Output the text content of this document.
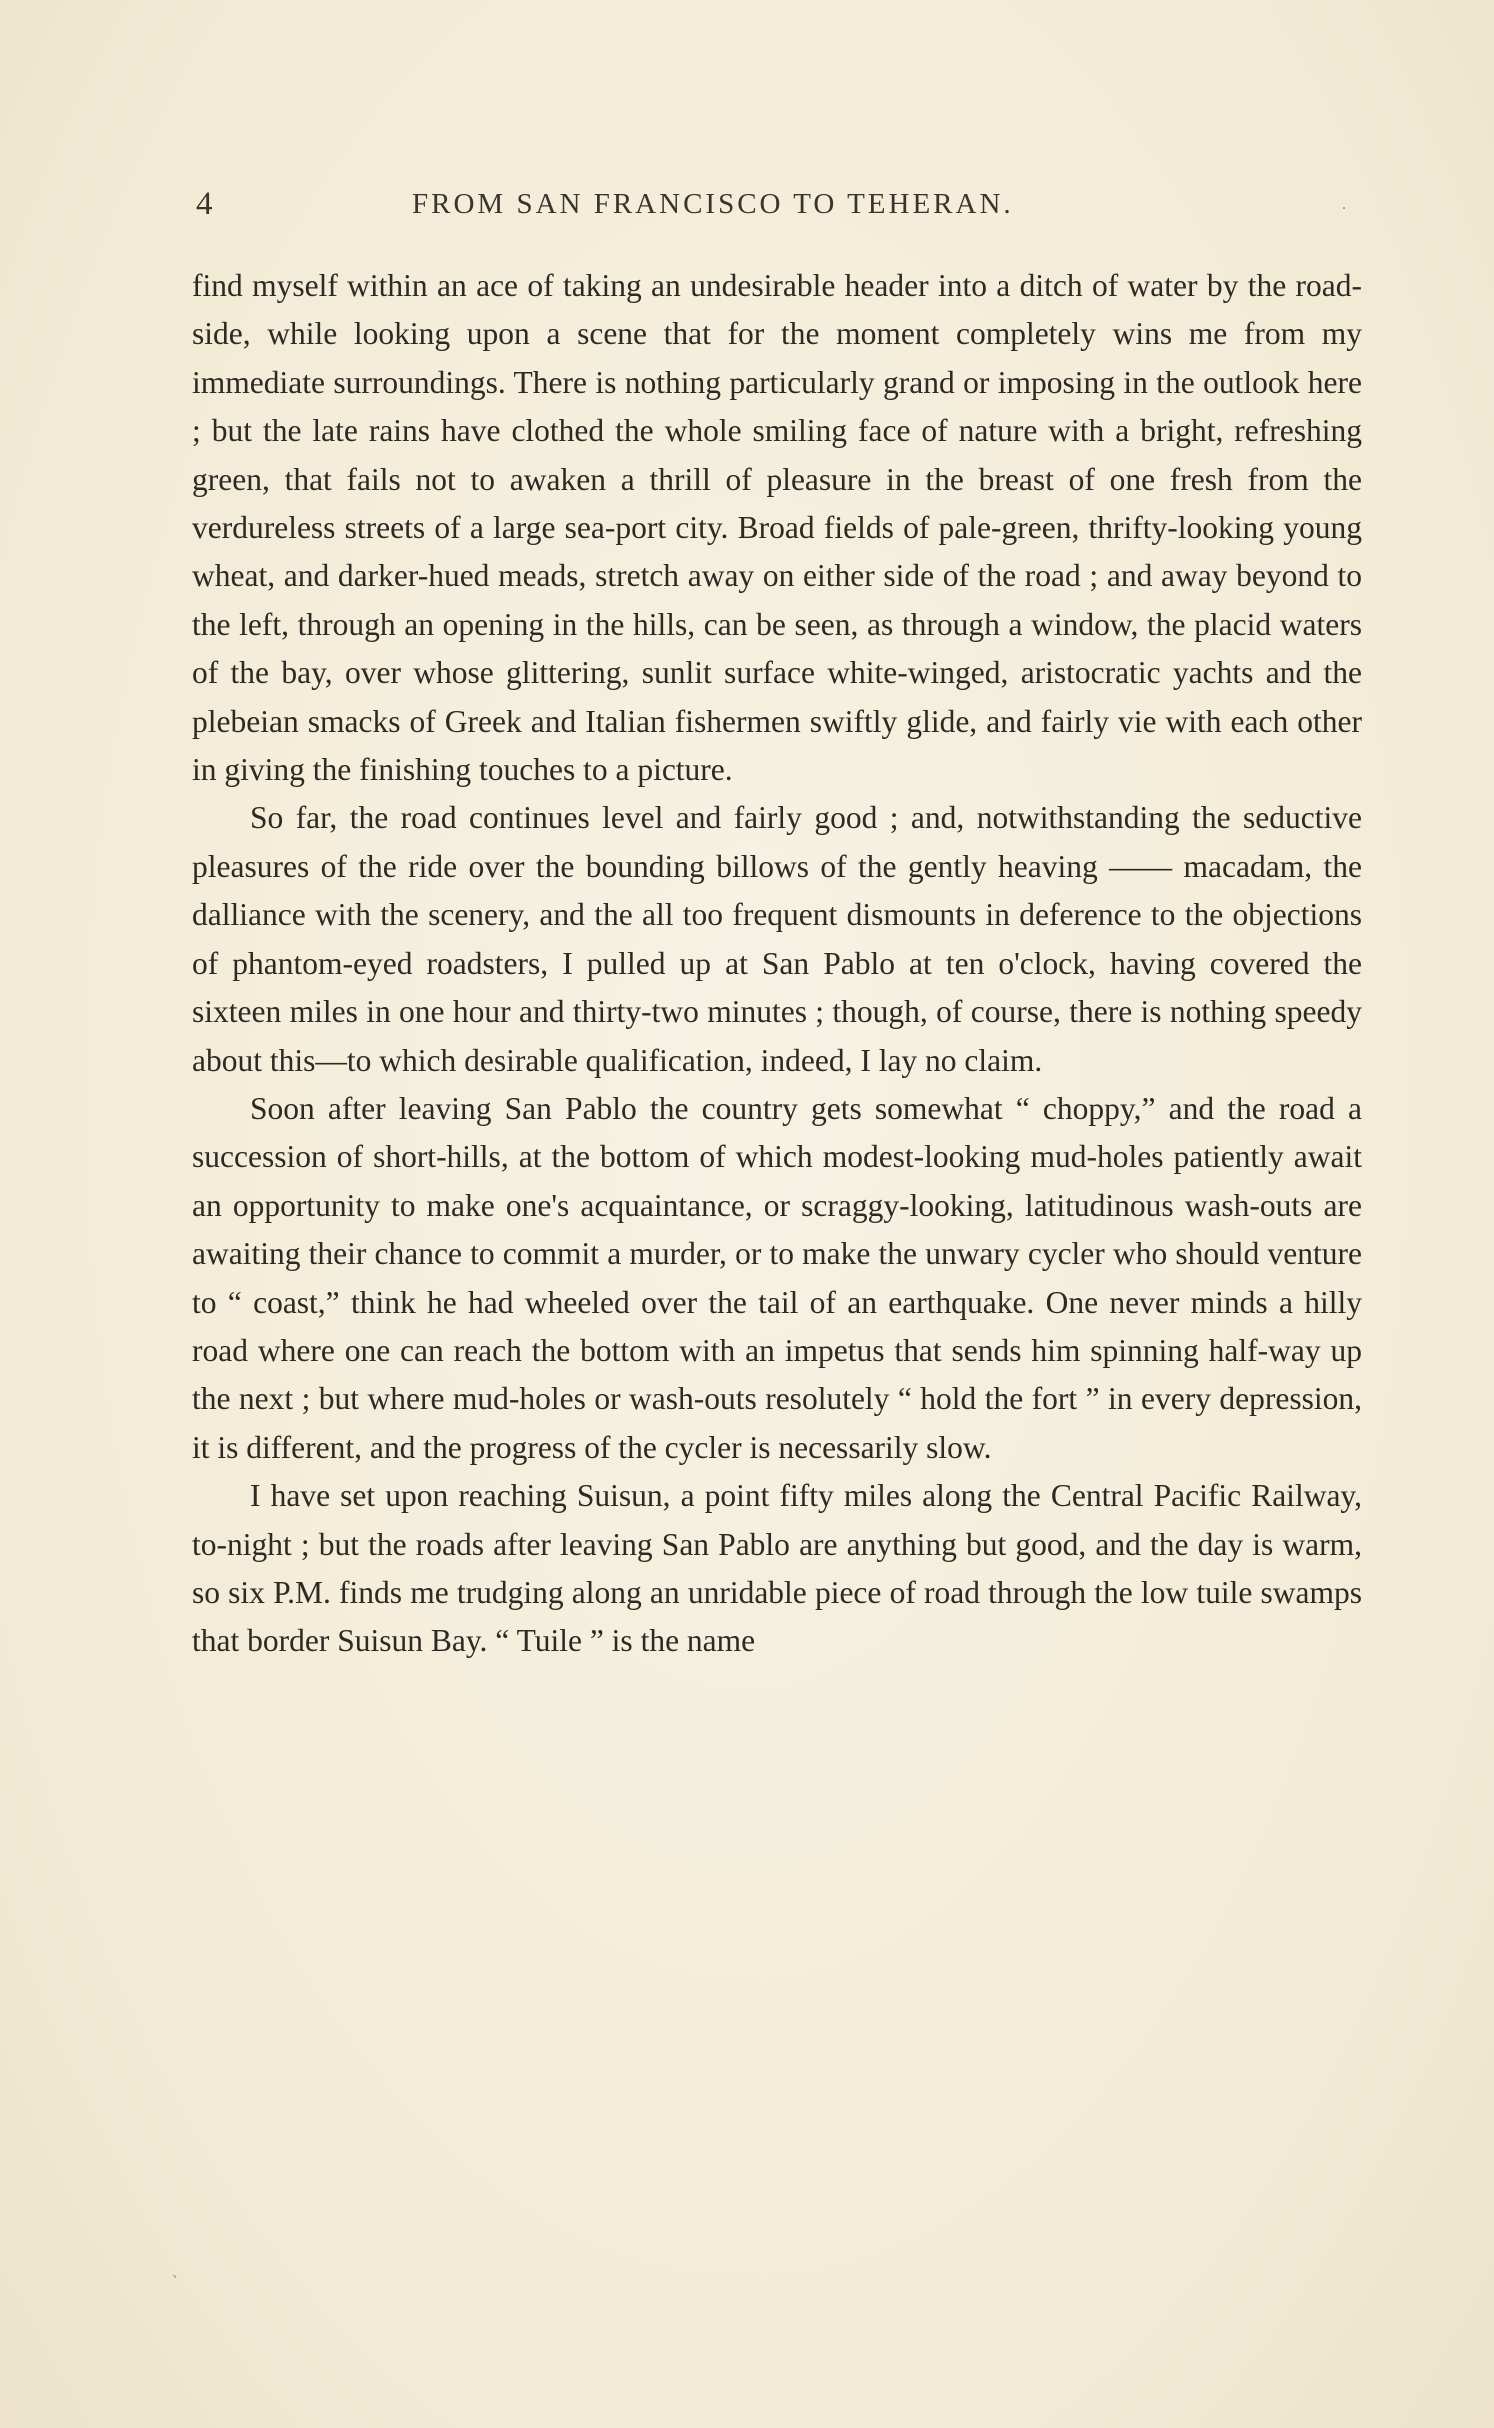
4	FROM SAN FRANCISCO TO TEHERAN.	.

find myself within an ace of taking an undesirable header into a ditch of water by the road-side, while looking upon a scene that for the moment completely wins me from my immediate surroundings. There is nothing particularly grand or imposing in the outlook here ; but the late rains have clothed the whole smiling face of nature with a bright, refreshing green, that fails not to awaken a thrill of pleasure in the breast of one fresh from the verdureless streets of a large sea-port city. Broad fields of pale-green, thrifty-looking young wheat, and darker-hued meads, stretch away on either side of the road ; and away beyond to the left, through an opening in the hills, can be seen, as through a window, the placid waters of the bay, over whose glittering, sunlit surface white-winged, aristocratic yachts and the plebeian smacks of Greek and Italian fishermen swiftly glide, and fairly vie with each other in giving the finishing touches to a picture.

So far, the road continues level and fairly good ; and, notwithstanding the seductive pleasures of the ride over the bounding billows of the gently heaving —— macadam, the dalliance with the scenery, and the all too frequent dismounts in deference to the objections of phantom-eyed roadsters, I pulled up at San Pablo at ten o'clock, having covered the sixteen miles in one hour and thirty-two minutes ; though, of course, there is nothing speedy about this—to which desirable qualification, indeed, I lay no claim.

Soon after leaving San Pablo the country gets somewhat “ choppy,” and the road a succession of short-hills, at the bottom of which modest-looking mud-holes patiently await an opportunity to make one's acquaintance, or scraggy-looking, latitudinous wash-outs are awaiting their chance to commit a murder, or to make the unwary cycler who should venture to “ coast,” think he had wheeled over the tail of an earthquake. One never minds a hilly road where one can reach the bottom with an impetus that sends him spinning half-way up the next ; but where mud-holes or wash-outs resolutely “ hold the fort ” in every depression, it is different, and the progress of the cycler is necessarily slow.

I have set upon reaching Suisun, a point fifty miles along the Central Pacific Railway, to-night ; but the roads after leaving San Pablo are anything but good, and the day is warm, so six P.M. finds me trudging along an unridable piece of road through the low tuile swamps that border Suisun Bay. “ Tuile ” is the name

、
